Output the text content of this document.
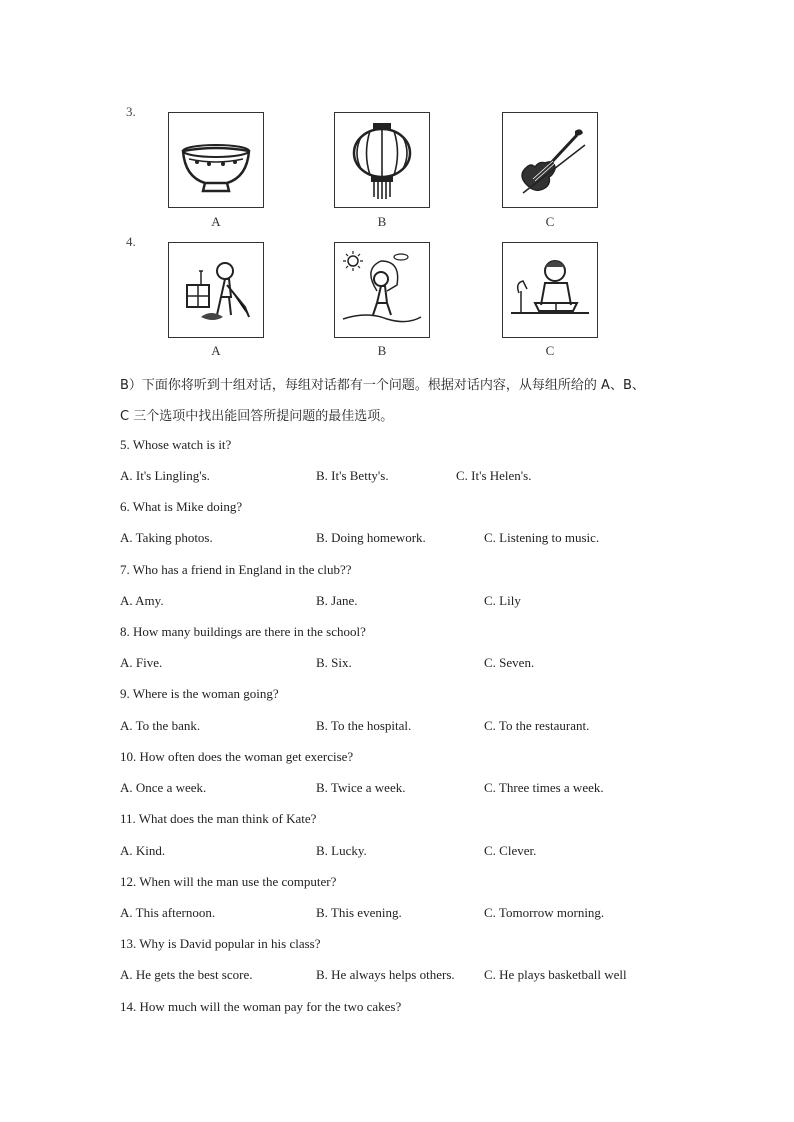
3.
A	B	C
4.
A	B	C
B）下面你将听到十组对话，每组对话都有一个问题。根据对话内容，从每组所给的 A、B、
C 三个选项中找出能回答所提问题的最佳选项。
5. Whose watch is it?
A. It's Lingling's.	B. It's Betty's.	C. It's Helen's.
6. What is Mike doing?
A. Taking photos.	B. Doing homework.	C. Listening to music.
7. Who has a friend in England in the club??
A. Amy.	B. Jane.	C. Lily
8. How many buildings are there in the school?
A. Five.	B. Six.	C. Seven.
9. Where is the woman going?
A. To the bank.	B. To the hospital.	C. To the restaurant.
10. How often does the woman get exercise?
A. Once a week.	B. Twice a week.	C. Three times a week.
11. What does the man think of Kate?
A. Kind.	B. Lucky.	C. Clever.
12. When will the man use the computer?
A. This afternoon.	B. This evening.	C. Tomorrow morning.
13. Why is David popular in his class?
A. He gets the best score.	B. He always helps others. C. He plays basketball well
14. How much will the woman pay for the two cakes?
